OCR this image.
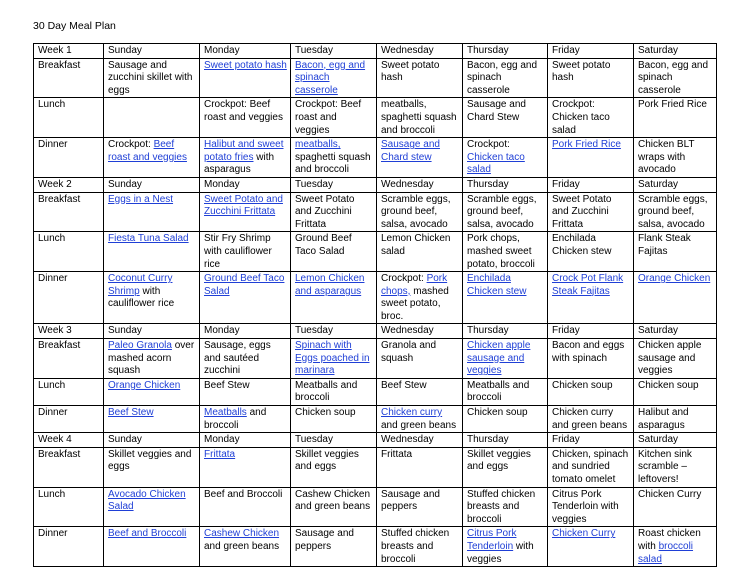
30 Day Meal Plan
Week 1	Sunday	Monday	Tuesday	Wednesday	Thursday	Friday	Saturday
Breakfast	Sausage and zucchini skillet with eggs	Sweet potato hash	Bacon, egg and spinach casserole	Sweet potato hash	Bacon, egg and spinach casserole	Sweet potato hash	Bacon, egg and spinach casserole
Lunch		Crockpot: Beef roast and veggies	Crockpot: Beef roast and veggies	meatballs, spaghetti squash and broccoli	Sausage and Chard Stew	Crockpot: Chicken taco salad	Pork Fried Rice
Dinner	Crockpot: Beef roast and veggies	Halibut and sweet potato fries with asparagus	meatballs, spaghetti squash and broccoli	Sausage and Chard stew	Crockpot: Chicken taco salad	Pork Fried Rice	Chicken BLT wraps with avocado
Week 2	Sunday	Monday	Tuesday	Wednesday	Thursday	Friday	Saturday
Breakfast	Eggs in a Nest	Sweet Potato and Zucchini Frittata	Sweet Potato and Zucchini Frittata	Scramble eggs, ground beef, salsa, avocado	Scramble eggs, ground beef, salsa, avocado	Sweet Potato and Zucchini Frittata	Scramble eggs, ground beef, salsa, avocado
Lunch	Fiesta Tuna Salad	Stir Fry Shrimp with cauliflower rice	Ground Beef Taco Salad	Lemon Chicken salad	Pork chops, mashed sweet potato, broccoli	Enchilada Chicken stew	Flank Steak Fajitas
Dinner	Coconut Curry Shrimp with cauliflower rice	Ground Beef Taco Salad	Lemon Chicken and asparagus	Crockpot: Pork chops, mashed sweet potato, broc.	Enchilada Chicken stew	Crock Pot Flank Steak Fajitas	Orange Chicken
Week 3	Sunday	Monday	Tuesday	Wednesday	Thursday	Friday	Saturday
Breakfast	Paleo Granola over mashed acorn squash	Sausage, eggs and sautéed zucchini	Spinach with Eggs poached in marinara	Granola and squash	Chicken apple sausage and veggies	Bacon and eggs with spinach	Chicken apple sausage and veggies
Lunch	Orange Chicken	Beef Stew	Meatballs and broccoli	Beef Stew	Meatballs and broccoli	Chicken soup	Chicken soup
Dinner	Beef Stew	Meatballs and broccoli	Chicken soup	Chicken curry and green beans	Chicken soup	Chicken curry and green beans	Halibut and asparagus
Week 4	Sunday	Monday	Tuesday	Wednesday	Thursday	Friday	Saturday
Breakfast	Skillet veggies and eggs	Frittata	Skillet veggies and eggs	Frittata	Skillet veggies and eggs	Chicken, spinach and sundried tomato omelet	Kitchen sink scramble – leftovers!
Lunch	Avocado Chicken Salad	Beef and Broccoli	Cashew Chicken and green beans	Sausage and peppers	Stuffed chicken breasts and broccoli	Citrus Pork Tenderloin with veggies	Chicken Curry
Dinner	Beef and Broccoli	Cashew Chicken and green beans	Sausage and peppers	Stuffed chicken breasts and broccoli	Citrus Pork Tenderloin with veggies	Chicken Curry	Roast chicken with broccoli salad
